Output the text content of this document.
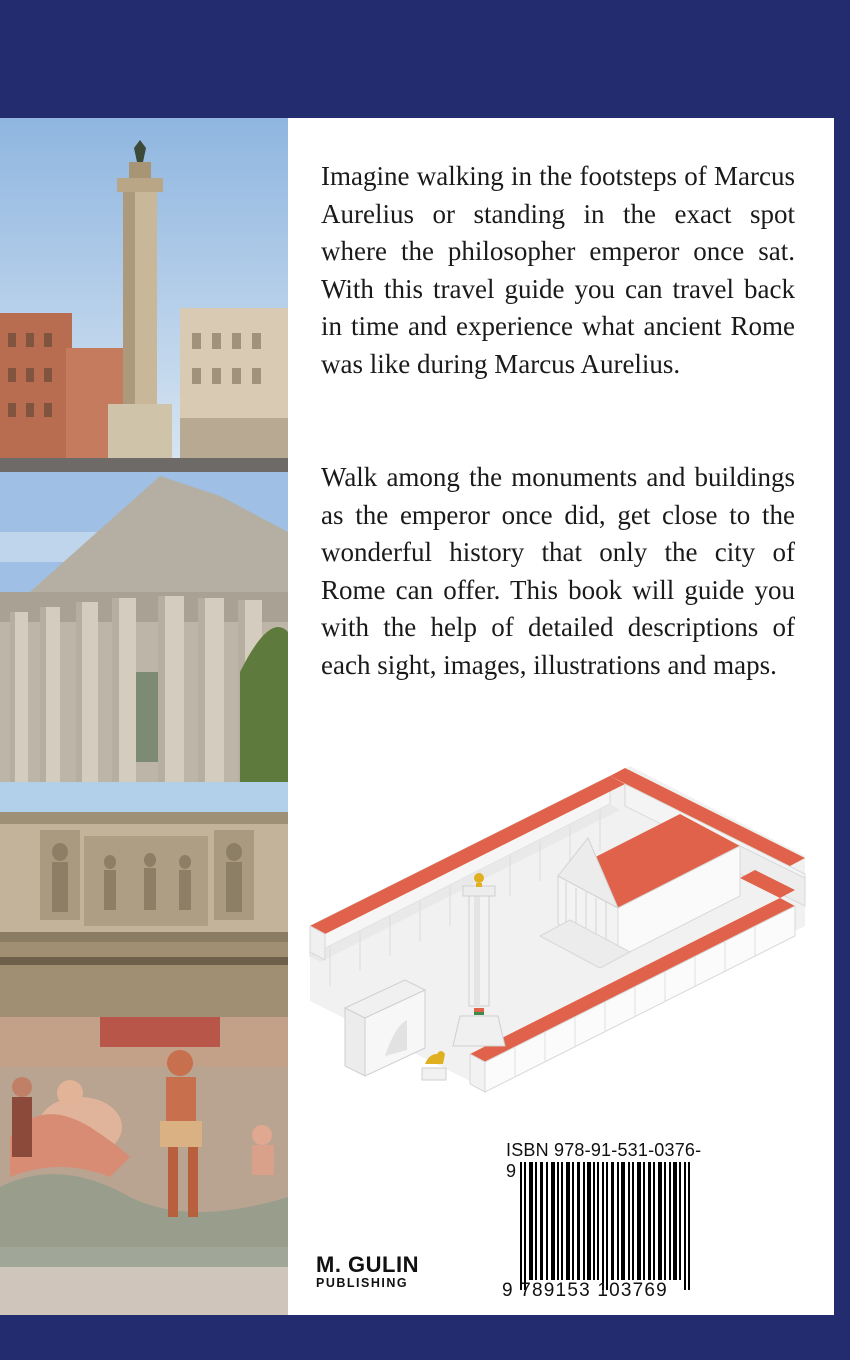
Imagine walking in the footsteps of Marcus Aurelius or standing in the exact spot where the philosopher emperor once sat. With this travel guide you can travel back in time and experience what ancient Rome was like during Marcus Aurelius.

Walk among the monuments and buildings as the emperor once did, get close to the wonderful history that only the city of Rome can offer. This book will guide you with the help of detailed descriptions of each sight, images, illustrations and maps.

ISBN 978-91-531-0376-9
9 789153 103769
M. GULIN
PUBLISHING
